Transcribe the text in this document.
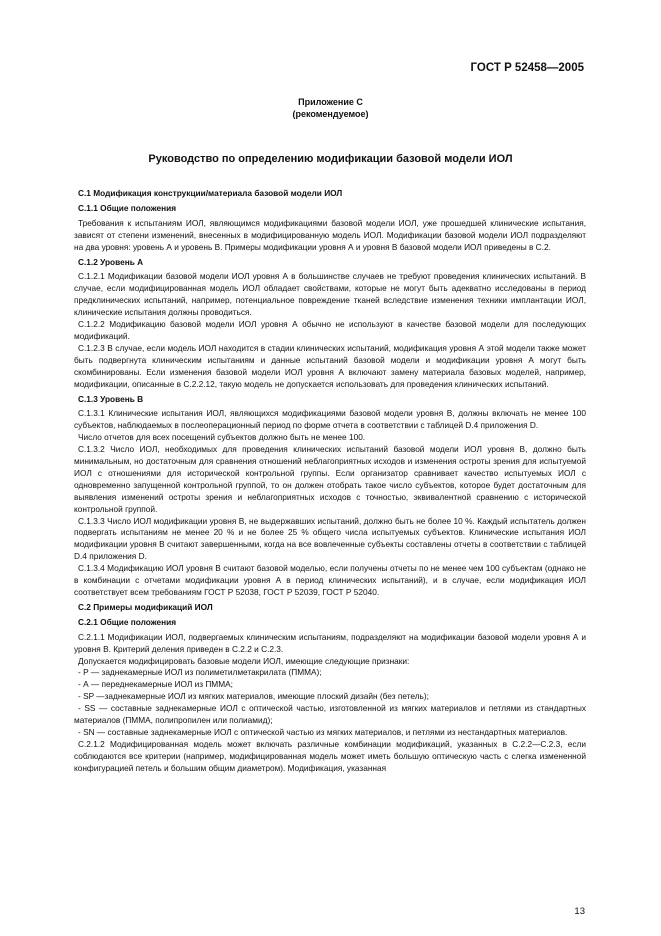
ГОСТ Р 52458—2005
Приложение С
(рекомендуемое)
Руководство по определению модификации базовой модели ИОЛ

С.1 Модификация конструкции/материала базовой модели ИОЛ

С.1.1 Общие положения

Требования к испытаниям ИОЛ, являющимся модификациями базовой модели ИОЛ, уже прошедшей клинические испытания, зависят от степени изменений, внесенных в модифицированную модель ИОЛ. Модификации базовой модели ИОЛ подразделяют на два уровня: уровень А и уровень В. Примеры модификации уровня А и уровня В базовой модели ИОЛ приведены в С.2.

С.1.2 Уровень А

С.1.2.1 Модификации базовой модели ИОЛ уровня А в большинстве случаев не требуют проведения клинических испытаний. В случае, если модифицированная модель ИОЛ обладает свойствами, которые не могут быть адекватно исследованы в период предклинических испытаний, например, потенциальное повреждение тканей вследствие изменения техники имплантации ИОЛ, клинические испытания должны проводиться.

С.1.2.2 Модификацию базовой модели ИОЛ уровня А обычно не используют в качестве базовой модели для последующих модификаций.

С.1.2.3 В случае, если модель ИОЛ находится в стадии клинических испытаний, модификация уровня А этой модели также может быть подвергнута клиническим испытаниям и данные испытаний базовой модели и модификации уровня А могут быть скомбинированы. Если изменения базовой модели ИОЛ уровня А включают замену материала базовых моделей, например, модификации, описанные в С.2.2.12, такую модель не допускается использовать для проведения клинических испытаний.

С.1.3 Уровень В

С.1.3.1 Клинические испытания ИОЛ, являющихся модификациями базовой модели уровня В, должны включать не менее 100 субъектов, наблюдаемых в послеоперационный период по форме отчета в соответствии с таблицей D.4 приложения D.

Число отчетов для всех посещений субъектов должно быть не менее 100.

С.1.3.2 Число ИОЛ, необходимых для проведения клинических испытаний базовой модели ИОЛ уровня В, должно быть минимальным, но достаточным для сравнения отношений неблагоприятных исходов и изменения остроты зрения для испытуемой ИОЛ с отношениями для исторической контрольной группы. Если организатор сравнивает качество испытуемых ИОЛ с одновременно запущенной контрольной группой, то он должен отобрать такое число субъектов, которое будет достаточным для выявления изменений остроты зрения и неблагоприятных исходов с точностью, эквивалентной сравнению с исторической контрольной группой.

С.1.3.3 Число ИОЛ модификации уровня В, не выдержавших испытаний, должно быть не более 10 %. Каждый испытатель должен подвергать испытаниям не менее 20 % и не более 25 % общего числа испытуемых субъектов. Клинические испытания ИОЛ модификации уровня В считают завершенными, когда на все вовлеченные субъекты составлены отчеты в соответствии с таблицей D.4 приложения D.

С.1.3.4 Модификацию ИОЛ уровня В считают базовой моделью, если получены отчеты по не менее чем 100 субъектам (однако не в комбинации с отчетами модификации уровня А в период клинических испытаний), и в случае, если модификация ИОЛ соответствует всем требованиям ГОСТ Р 52038, ГОСТ Р 52039, ГОСТ Р 52040.

С.2 Примеры модификаций ИОЛ

С.2.1 Общие положения

С.2.1.1 Модификации ИОЛ, подвергаемых клиническим испытаниям, подразделяют на модификации базовой модели уровня А и уровня В. Критерий деления приведен в С.2.2 и С.2.3.

Допускается модифицировать базовые модели ИОЛ, имеющие следующие признаки:

- Р — заднекамерные ИОЛ из полиметилметакрилата (ПММА);

- А — переднекамерные ИОЛ из ПММА;

- SP —заднекамерные ИОЛ из мягких материалов, имеющие плоский дизайн (без петель);

- SS — составные заднекамерные ИОЛ с оптической частью, изготовленной из мягких материалов и петлями из стандартных материалов (ПММА, полипропилен или полиамид);

- SN — составные заднекамерные ИОЛ с оптической частью из мягких материалов, и петлями из нестандартных материалов.

С.2.1.2 Модифицированная модель может включать различные комбинации модификаций, указанных в С.2.2—С.2.3, если соблюдаются все критерии (например, модифицированная модель может иметь большую оптическую часть с слегка измененной конфигурацией петель и большим общим диаметром). Модификация, указанная

13
